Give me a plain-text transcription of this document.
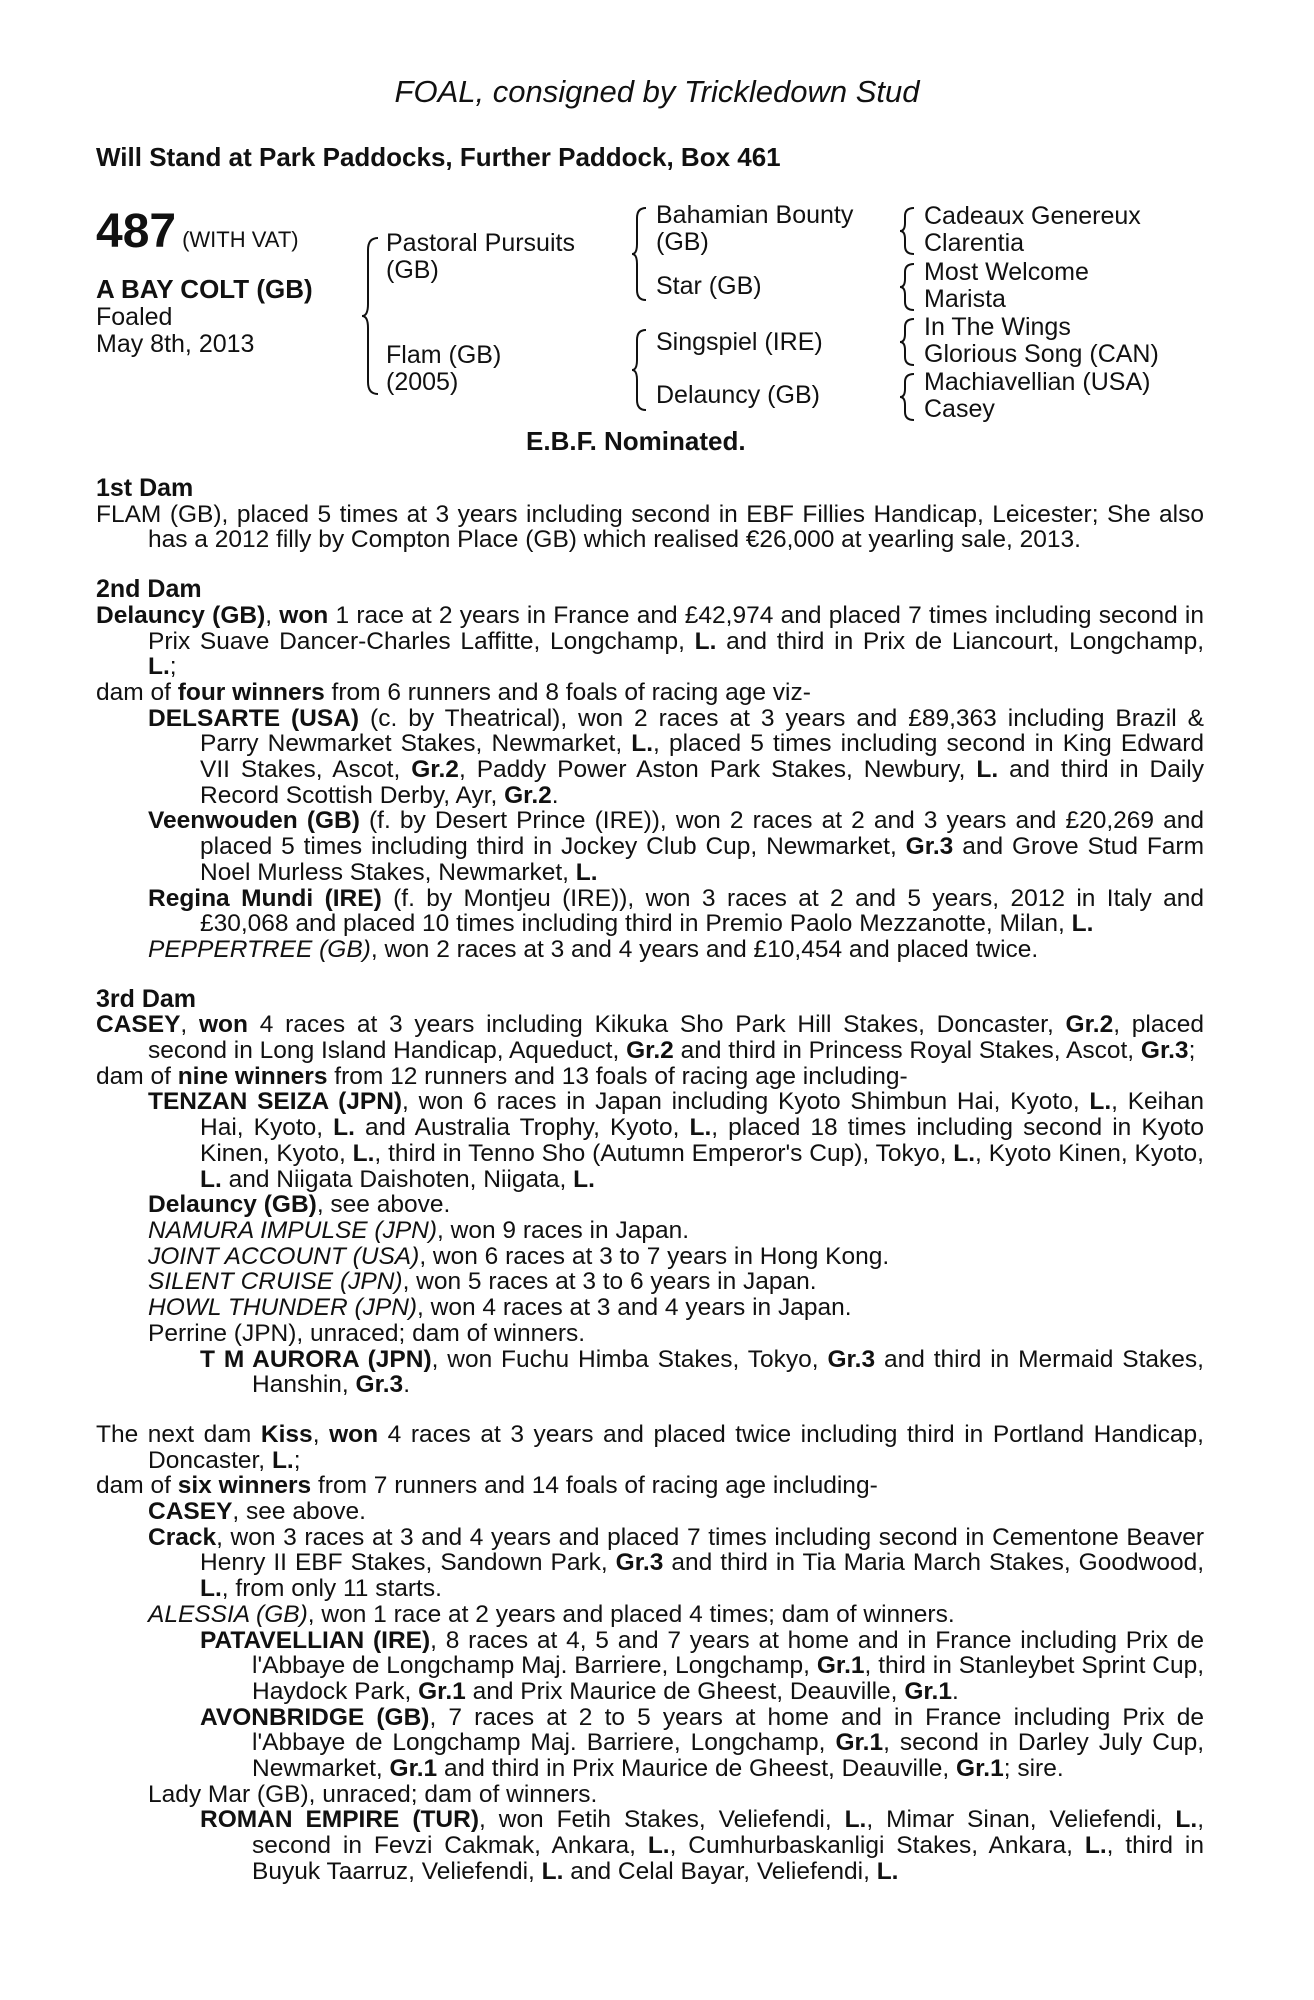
FOAL, consigned by Trickledown Stud
Will Stand at Park Paddocks, Further Paddock, Box 461
487 (WITH VAT)
A BAY COLT (GB)
Foaled
May 8th, 2013
Pastoral Pursuits
(GB)
Flam (GB)
(2005)
Bahamian Bounty
(GB)
Star (GB)
Singspiel (IRE)
Delauncy (GB)
Cadeaux Genereux
Clarentia
Most Welcome
Marista
In The Wings
Glorious Song (CAN)
Machiavellian (USA)
Casey
E.B.F. Nominated.
1st Dam
FLAM (GB), placed 5 times at 3 years including second in EBF Fillies Handicap, Leicester; She also has a 2012 filly by Compton Place (GB) which realised €26,000 at yearling sale, 2013.
2nd Dam
Delauncy (GB), won 1 race at 2 years in France and £42,974 and placed 7 times including second in Prix Suave Dancer-Charles Laffitte, Longchamp, L. and third in Prix de Liancourt, Longchamp, L.;
dam of four winners from 6 runners and 8 foals of racing age viz-
DELSARTE (USA) (c. by Theatrical), won 2 races at 3 years and £89,363 including Brazil & Parry Newmarket Stakes, Newmarket, L., placed 5 times including second in King Edward VII Stakes, Ascot, Gr.2, Paddy Power Aston Park Stakes, Newbury, L. and third in Daily Record Scottish Derby, Ayr, Gr.2.
Veenwouden (GB) (f. by Desert Prince (IRE)), won 2 races at 2 and 3 years and £20,269 and placed 5 times including third in Jockey Club Cup, Newmarket, Gr.3 and Grove Stud Farm Noel Murless Stakes, Newmarket, L.
Regina Mundi (IRE) (f. by Montjeu (IRE)), won 3 races at 2 and 5 years, 2012 in Italy and £30,068 and placed 10 times including third in Premio Paolo Mezzanotte, Milan, L.
PEPPERTREE (GB), won 2 races at 3 and 4 years and £10,454 and placed twice.
3rd Dam
CASEY, won 4 races at 3 years including Kikuka Sho Park Hill Stakes, Doncaster, Gr.2, placed second in Long Island Handicap, Aqueduct, Gr.2 and third in Princess Royal Stakes, Ascot, Gr.3;
dam of nine winners from 12 runners and 13 foals of racing age including-
TENZAN SEIZA (JPN), won 6 races in Japan including Kyoto Shimbun Hai, Kyoto, L., Keihan Hai, Kyoto, L. and Australia Trophy, Kyoto, L., placed 18 times including second in Kyoto Kinen, Kyoto, L., third in Tenno Sho (Autumn Emperor's Cup), Tokyo, L., Kyoto Kinen, Kyoto, L. and Niigata Daishoten, Niigata, L.
Delauncy (GB), see above.
NAMURA IMPULSE (JPN), won 9 races in Japan.
JOINT ACCOUNT (USA), won 6 races at 3 to 7 years in Hong Kong.
SILENT CRUISE (JPN), won 5 races at 3 to 6 years in Japan.
HOWL THUNDER (JPN), won 4 races at 3 and 4 years in Japan.
Perrine (JPN), unraced; dam of winners.
T M AURORA (JPN), won Fuchu Himba Stakes, Tokyo, Gr.3 and third in Mermaid Stakes, Hanshin, Gr.3.
The next dam Kiss, won 4 races at 3 years and placed twice including third in Portland Handicap, Doncaster, L.;
dam of six winners from 7 runners and 14 foals of racing age including-
CASEY, see above.
Crack, won 3 races at 3 and 4 years and placed 7 times including second in Cementone Beaver Henry II EBF Stakes, Sandown Park, Gr.3 and third in Tia Maria March Stakes, Goodwood, L., from only 11 starts.
ALESSIA (GB), won 1 race at 2 years and placed 4 times; dam of winners.
PATAVELLIAN (IRE), 8 races at 4, 5 and 7 years at home and in France including Prix de l'Abbaye de Longchamp Maj. Barriere, Longchamp, Gr.1, third in Stanleybet Sprint Cup, Haydock Park, Gr.1 and Prix Maurice de Gheest, Deauville, Gr.1.
AVONBRIDGE (GB), 7 races at 2 to 5 years at home and in France including Prix de l'Abbaye de Longchamp Maj. Barriere, Longchamp, Gr.1, second in Darley July Cup, Newmarket, Gr.1 and third in Prix Maurice de Gheest, Deauville, Gr.1; sire.
Lady Mar (GB), unraced; dam of winners.
ROMAN EMPIRE (TUR), won Fetih Stakes, Veliefendi, L., Mimar Sinan, Veliefendi, L., second in Fevzi Cakmak, Ankara, L., Cumhurbaskanligi Stakes, Ankara, L., third in Buyuk Taarruz, Veliefendi, L. and Celal Bayar, Veliefendi, L.
